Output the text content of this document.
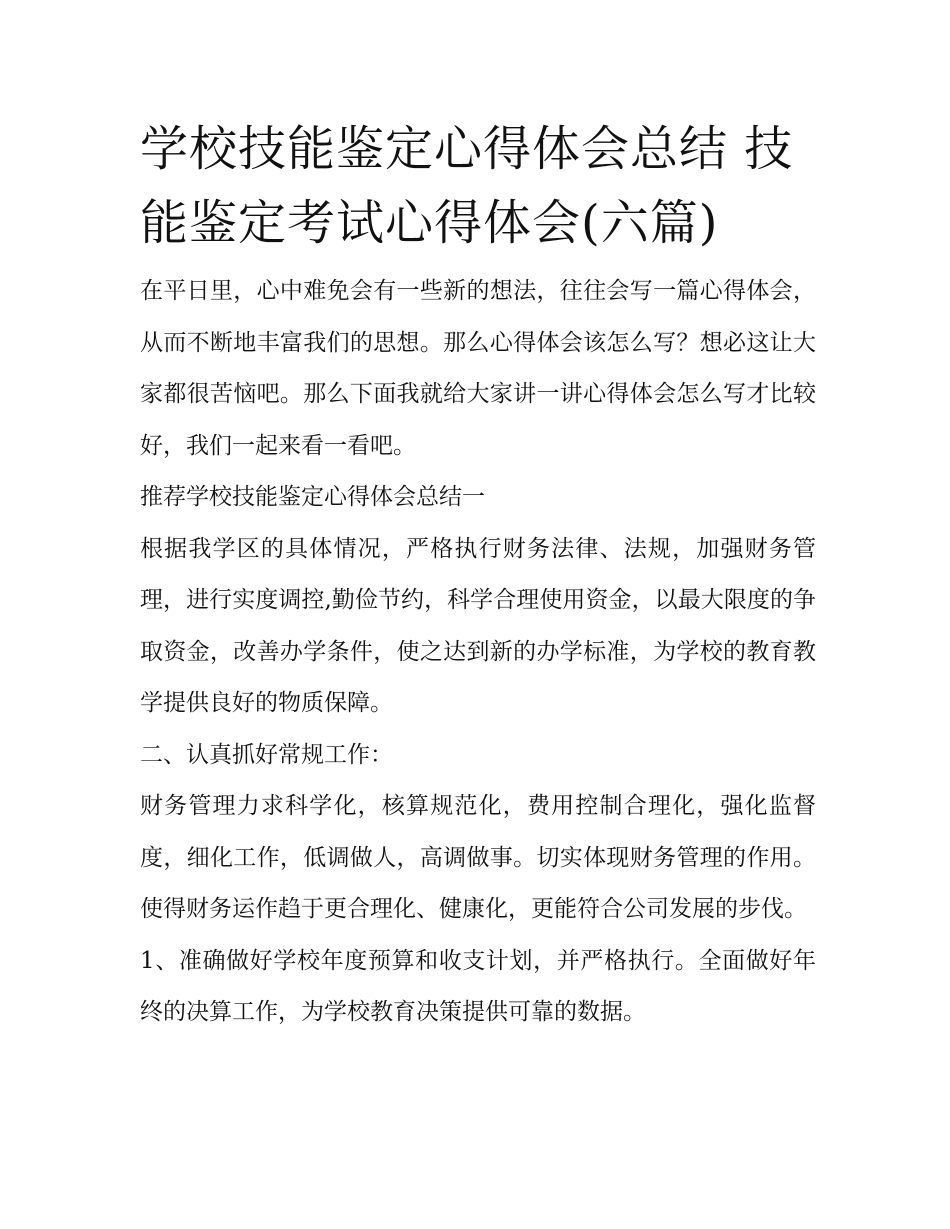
学校技能鉴定心得体会总结 技能鉴定考试心得体会(六篇)

在平日里，心中难免会有一些新的想法，往往会写一篇心得体会，从而不断地丰富我们的思想。那么心得体会该怎么写？想必这让大家都很苦恼吧。那么下面我就给大家讲一讲心得体会怎么写才比较好，我们一起来看一看吧。

推荐学校技能鉴定心得体会总结一

根据我学区的具体情况，严格执行财务法律、法规，加强财务管理，进行实度调控,勤俭节约，科学合理使用资金，以最大限度的争取资金，改善办学条件，使之达到新的办学标准，为学校的教育教学提供良好的物质保障。

二、认真抓好常规工作：

财务管理力求科学化，核算规范化，费用控制合理化，强化监督度，细化工作，低调做人，高调做事。切实体现财务管理的作用。使得财务运作趋于更合理化、健康化，更能符合公司发展的步伐。

1、准确做好学校年度预算和收支计划，并严格执行。全面做好年终的决算工作，为学校教育决策提供可靠的数据。
